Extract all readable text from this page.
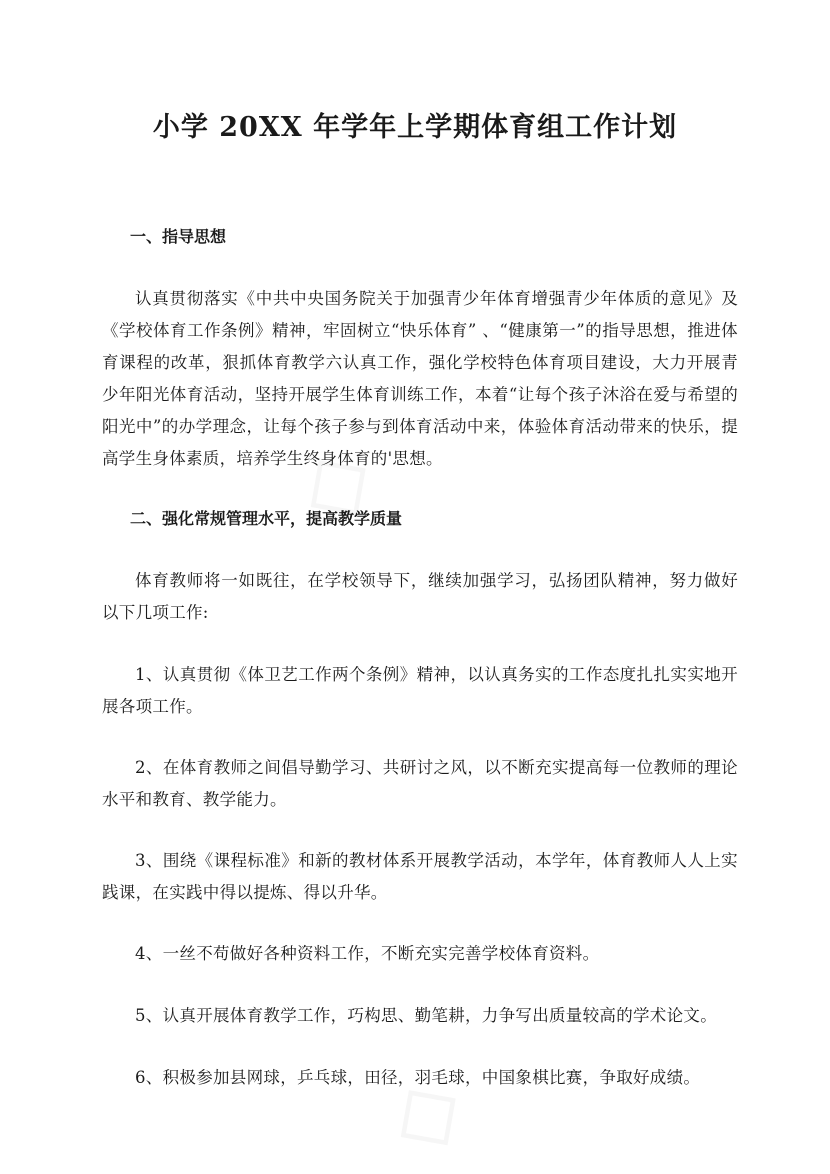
小学 20XX 年学年上学期体育组工作计划
一、指导思想
认真贯彻落实《中共中央国务院关于加强青少年体育增强青少年体质的意见》及《学校体育工作条例》精神，牢固树立“快乐体育” 、“健康第一”的指导思想，推进体育课程的改革，狠抓体育教学六认真工作，强化学校特色体育项目建设，大力开展青少年阳光体育活动，坚持开展学生体育训练工作，本着“让每个孩子沐浴在爱与希望的阳光中”的办学理念，让每个孩子参与到体育活动中来，体验体育活动带来的快乐，提高学生身体素质，培养学生终身体育的'思想。
二、强化常规管理水平，提高教学质量
体育教师将一如既往，在学校领导下，继续加强学习，弘扬团队精神，努力做好以下几项工作:
1、认真贯彻《体卫艺工作两个条例》精神，以认真务实的工作态度扎扎实实地开展各项工作。
2、在体育教师之间倡导勤学习、共研讨之风，以不断充实提高每一位教师的理论水平和教育、教学能力。
3、围绕《课程标准》和新的教材体系开展教学活动，本学年，体育教师人人上实践课，在实践中得以提炼、得以升华。
4、一丝不苟做好各种资料工作，不断充实完善学校体育资料。
5、认真开展体育教学工作，巧构思、勤笔耕，力争写出质量较高的学术论文。
6、积极参加县网球，乒乓球，田径，羽毛球，中国象棋比赛，争取好成绩。
